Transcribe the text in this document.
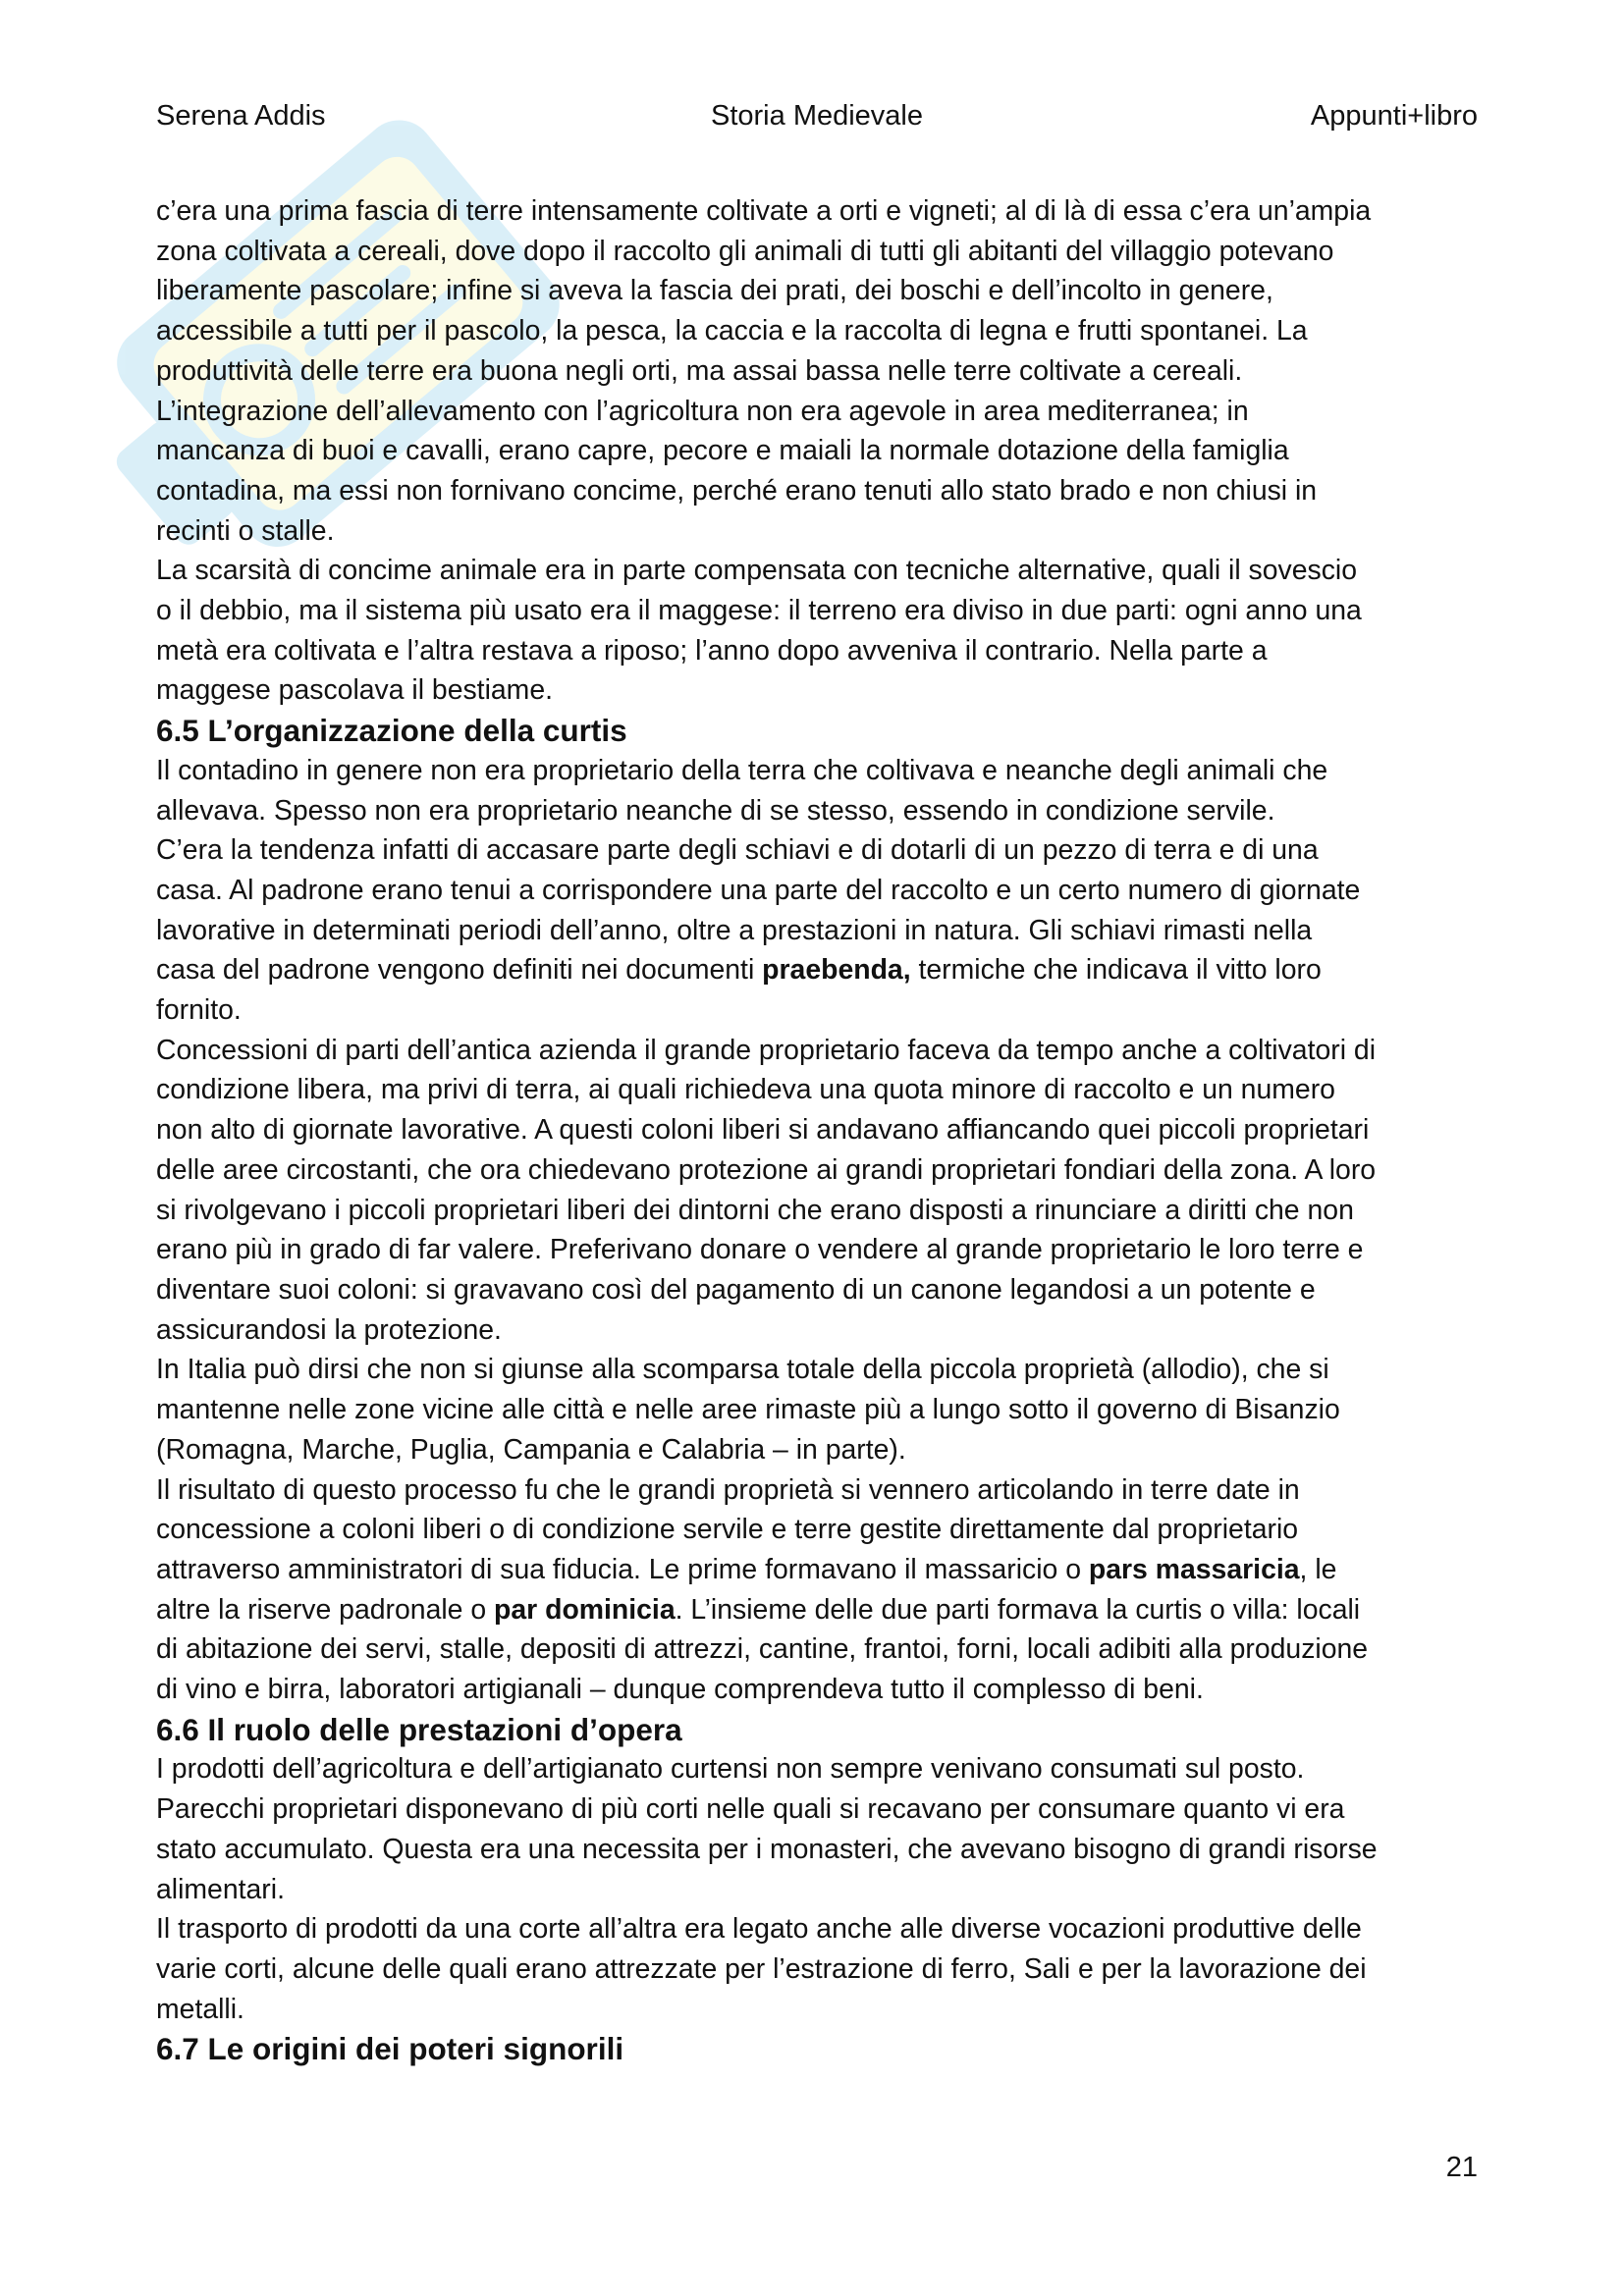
Serena Addis	Storia Medievale	Appunti+libro

c’era una prima fascia di terre intensamente coltivate a orti e vigneti; al di là di essa c’era un’ampia

zona coltivata a cereali, dove dopo il raccolto gli animali di tutti gli abitanti del villaggio potevano

liberamente pascolare; infine si aveva la fascia dei prati, dei boschi e dell’incolto in genere,

accessibile a tutti per il pascolo, la pesca, la caccia e la raccolta di legna e frutti spontanei. La

produttività delle terre era buona negli orti, ma assai bassa nelle terre coltivate a cereali.

L’integrazione dell’allevamento con l’agricoltura non era agevole in area mediterranea; in

mancanza di buoi e cavalli, erano capre, pecore e maiali la normale dotazione della famiglia

contadina, ma essi non fornivano concime, perché erano tenuti allo stato brado e non chiusi in

recinti o stalle.

La scarsità di concime animale era in parte compensata con tecniche alternative, quali il sovescio

o il debbio, ma il sistema più usato era il maggese: il terreno era diviso in due parti: ogni anno una

metà era coltivata e l’altra restava a riposo; l’anno dopo avveniva il contrario. Nella parte a

maggese pascolava il bestiame.

6.5 L’organizzazione della curtis

Il contadino in genere non era proprietario della terra che coltivava e neanche degli animali che

allevava. Spesso non era proprietario neanche di se stesso, essendo in condizione servile.

C’era la tendenza infatti di accasare parte degli schiavi e di dotarli di un pezzo di terra e di una

casa. Al padrone erano tenui a corrispondere una parte del raccolto e un certo numero di giornate

lavorative in determinati periodi dell’anno, oltre a prestazioni in natura. Gli schiavi rimasti nella

casa del padrone vengono definiti nei documenti praebenda, termiche che indicava il vitto loro

fornito.

Concessioni di parti dell’antica azienda il grande proprietario faceva da tempo anche a coltivatori di

condizione libera, ma privi di terra, ai quali richiedeva una quota minore di raccolto e un numero

non alto di giornate lavorative. A questi coloni liberi si andavano affiancando quei piccoli proprietari

delle aree circostanti, che ora chiedevano protezione ai grandi proprietari fondiari della zona. A loro

si rivolgevano i piccoli proprietari liberi dei dintorni che erano disposti a rinunciare a diritti che non

erano più in grado di far valere. Preferivano donare o vendere al grande proprietario le loro terre e

diventare suoi coloni: si gravavano così del pagamento di un canone legandosi a un potente e

assicurandosi la protezione.

In Italia può dirsi che non si giunse alla scomparsa totale della piccola proprietà (allodio), che si

mantenne nelle zone vicine alle città e nelle aree rimaste più a lungo sotto il governo di Bisanzio

(Romagna, Marche, Puglia, Campania e Calabria – in parte).

Il risultato di questo processo fu che le grandi proprietà si vennero articolando in terre date in

concessione a coloni liberi o di condizione servile e terre gestite direttamente dal proprietario

attraverso amministratori di sua fiducia. Le prime formavano il massaricio o pars massaricia, le

altre la riserve padronale o par dominicia. L’insieme delle due parti formava la curtis o villa: locali

di abitazione dei servi, stalle, depositi di attrezzi, cantine, frantoi, forni, locali adibiti alla produzione

di vino e birra, laboratori artigianali – dunque comprendeva tutto il complesso di beni.

6.6 Il ruolo delle prestazioni d’opera

I prodotti dell’agricoltura e dell’artigianato curtensi non sempre venivano consumati sul posto.

Parecchi proprietari disponevano di più corti nelle quali si recavano per consumare quanto vi era

stato accumulato. Questa era una necessita per i monasteri, che avevano bisogno di grandi risorse

alimentari.

Il trasporto di prodotti da una corte all’altra era legato anche alle diverse vocazioni produttive delle

varie corti, alcune delle quali erano attrezzate per l’estrazione di ferro, Sali e per la lavorazione dei

metalli.

6.7 Le origini dei poteri signorili
21
